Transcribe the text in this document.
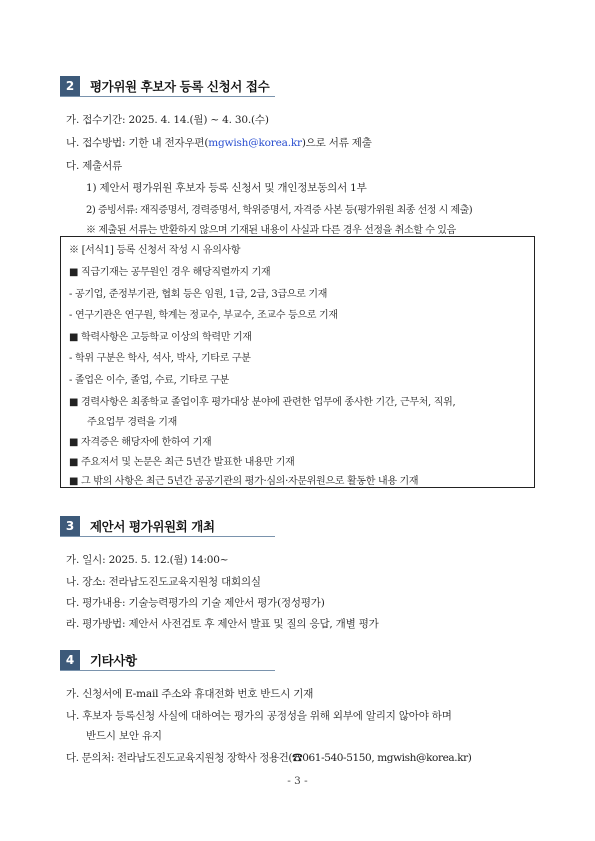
2	평가위원 후보자 등록 신청서 접수
가. 접수기간: 2025. 4. 14.(월) ~ 4. 30.(수)
나. 접수방법: 기한 내 전자우편(mgwish@korea.kr)으로 서류 제출
다. 제출서류
1) 제안서 평가위원 후보자 등록 신청서 및 개인정보동의서 1부
2) 증빙서류: 재직증명서, 경력증명서, 학위증명서, 자격증 사본 등(평가위원 최종 선정 시 제출)
※ 제출된 서류는 반환하지 않으며 기재된 내용이 사실과 다른 경우 선정을 취소할 수 있음
※ [서식1] 등록 신청서 작성 시 유의사항
■ 직급기재는 공무원인 경우 해당직렬까지 기재
- 공기업, 준정부기관, 협회 등은 임원, 1급, 2급, 3급으로 기재
- 연구기관은 연구원, 학계는 정교수, 부교수, 조교수 등으로 기재
■ 학력사항은 고등학교 이상의 학력만 기재
- 학위 구분은 학사, 석사, 박사, 기타로 구분
- 졸업은 이수, 졸업, 수료, 기타로 구분
■ 경력사항은 최종학교 졸업이후 평가대상 분야에 관련한 업무에 종사한 기간, 근무처, 직위,
주요업무 경력을 기재
■ 자격증은 해당자에 한하여 기재
■ 주요저서 및 논문은 최근 5년간 발표한 내용만 기재
■ 그 밖의 사항은 최근 5년간 공공기관의 평가·심의·자문위원으로 활동한 내용 기재
3	제안서 평가위원회 개최
가. 일시: 2025. 5. 12.(월) 14:00~
나. 장소: 전라남도진도교육지원청 대회의실
다. 평가내용: 기술능력평가의 기술 제안서 평가(정성평가)
라. 평가방법: 제안서 사전검토 후 제안서 발표 및 질의 응답, 개별 평가
4	기타사항
가. 신청서에 E-mail 주소와 휴대전화 번호 반드시 기재
나. 후보자 등록신청 사실에 대하여는 평가의 공정성을 위해 외부에 알리지 않아야 하며
반드시 보안 유지
다. 문의처: 전라남도진도교육지원청 장학사 정용건(☎061-540-5150, mgwish@korea.kr)
- 3 -
